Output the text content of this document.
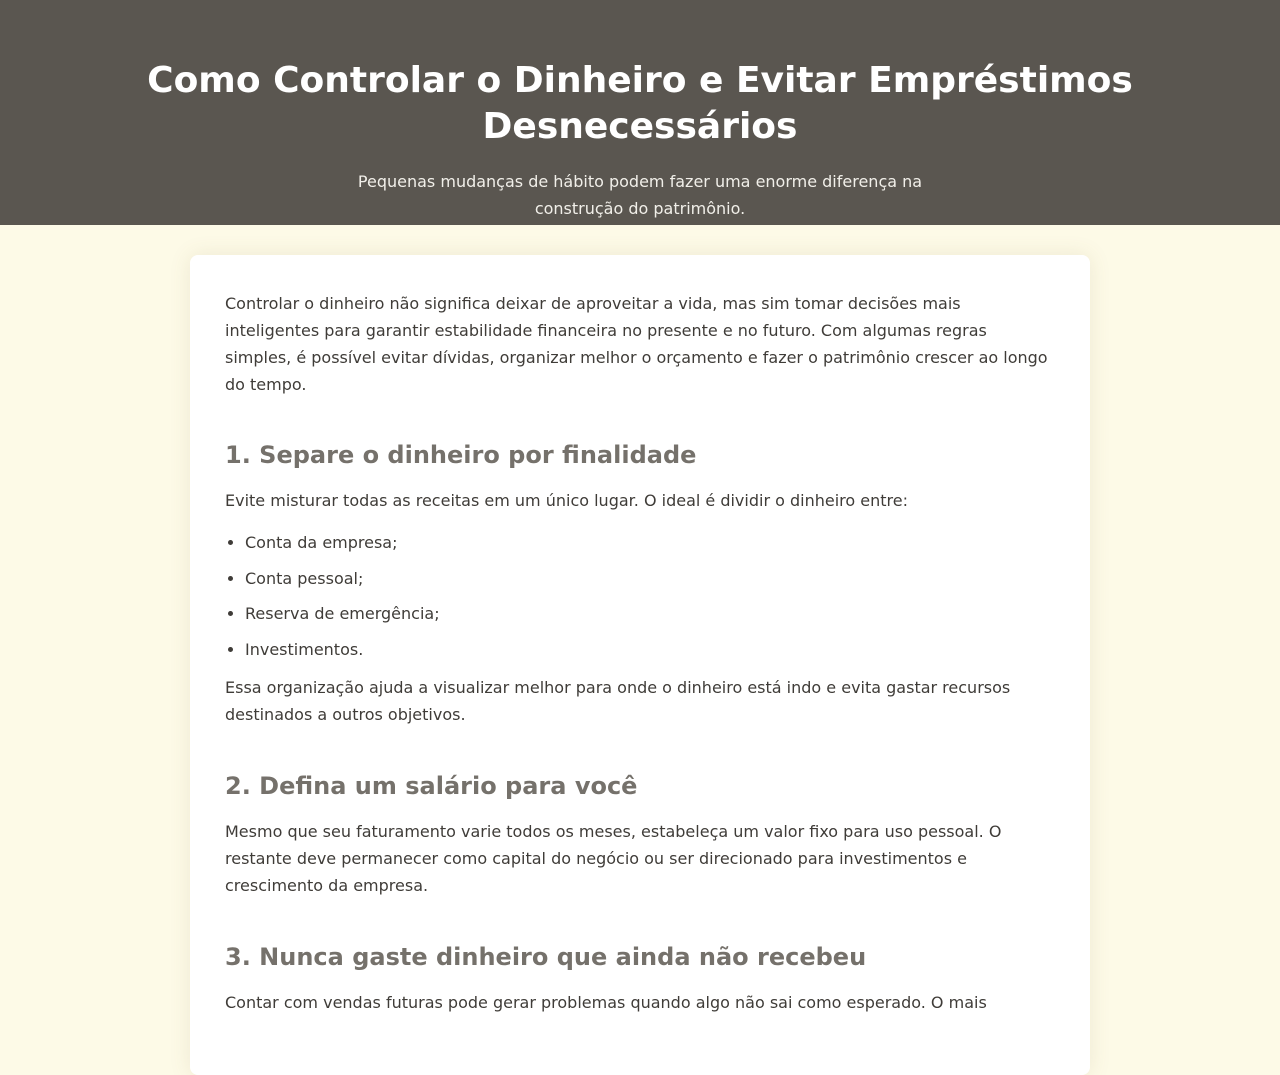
Como Controlar o Dinheiro e Evitar Empréstimos Desnecessários

Pequenas mudanças de hábito podem fazer uma enorme diferença na construção do patrimônio.

Controlar o dinheiro não significa deixar de aproveitar a vida, mas sim tomar decisões mais inteligentes para garantir estabilidade financeira no presente e no futuro. Com algumas regras simples, é possível evitar dívidas, organizar melhor o orçamento e fazer o patrimônio crescer ao longo do tempo.

1. Separe o dinheiro por finalidade

Evite misturar todas as receitas em um único lugar. O ideal é dividir o dinheiro entre:

• Conta da empresa;
• Conta pessoal;
• Reserva de emergência;
• Investimentos.

Essa organização ajuda a visualizar melhor para onde o dinheiro está indo e evita gastar recursos destinados a outros objetivos.

2. Defina um salário para você

Mesmo que seu faturamento varie todos os meses, estabeleça um valor fixo para uso pessoal. O restante deve permanecer como capital do negócio ou ser direcionado para investimentos e crescimento da empresa.

3. Nunca gaste dinheiro que ainda não recebeu

Contar com vendas futuras pode gerar problemas quando algo não sai como esperado. O mais
